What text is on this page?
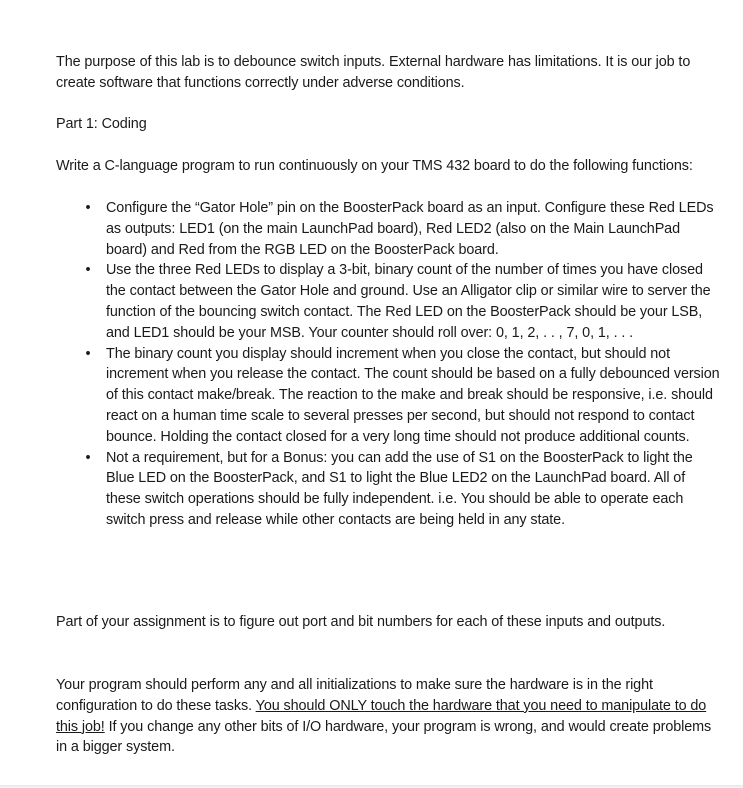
The purpose of this lab is to debounce switch inputs. External hardware has limitations. It is our job to create software that functions correctly under adverse conditions.

Part 1: Coding

Write a C-language program to run continuously on your TMS 432 board to do the following functions:

• Configure the “Gator Hole” pin on the BoosterPack board as an input. Configure these Red LEDs as outputs: LED1 (on the main LaunchPad board), Red LED2 (also on the Main LaunchPad board) and Red from the RGB LED on the BoosterPack board.
• Use the three Red LEDs to display a 3-bit, binary count of the number of times you have closed the contact between the Gator Hole and ground. Use an Alligator clip or similar wire to server the function of the bouncing switch contact. The Red LED on the BoosterPack should be your LSB, and LED1 should be your MSB. Your counter should roll over: 0, 1, 2, . . , 7, 0, 1, . . .
• The binary count you display should increment when you close the contact, but should not increment when you release the contact. The count should be based on a fully debounced version of this contact make/break. The reaction to the make and break should be responsive, i.e. should react on a human time scale to several presses per second, but should not respond to contact bounce. Holding the contact closed for a very long time should not produce additional counts.
• Not a requirement, but for a Bonus: you can add the use of S1 on the BoosterPack to light the Blue LED on the BoosterPack, and S1 to light the Blue LED2 on the LaunchPad board. All of these switch operations should be fully independent. i.e. You should be able to operate each switch press and release while other contacts are being held in any state.

Part of your assignment is to figure out port and bit numbers for each of these inputs and outputs.

Your program should perform any and all initializations to make sure the hardware is in the right configuration to do these tasks. You should ONLY touch the hardware that you need to manipulate to do this job! If you change any other bits of I/O hardware, your program is wrong, and would create problems in a bigger system.
